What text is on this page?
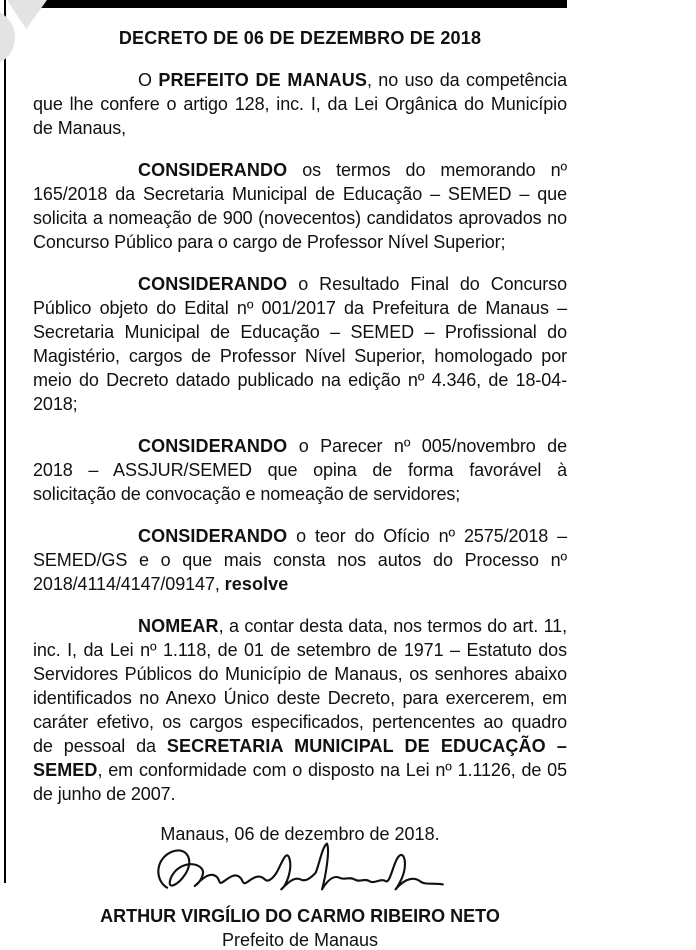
DECRETO DE 06 DE DEZEMBRO DE 2018

O PREFEITO DE MANAUS, no uso da competência que lhe confere o artigo 128, inc. I, da Lei Orgânica do Município de Manaus,

CONSIDERANDO os termos do memorando nº 165/2018 da Secretaria Municipal de Educação – SEMED – que solicita a nomeação de 900 (novecentos) candidatos aprovados no Concurso Público para o cargo de Professor Nível Superior;

CONSIDERANDO o Resultado Final do Concurso Público objeto do Edital nº 001/2017 da Prefeitura de Manaus – Secretaria Municipal de Educação – SEMED – Profissional do Magistério, cargos de Professor Nível Superior, homologado por meio do Decreto datado publicado na edição nº 4.346, de 18-04-2018;

CONSIDERANDO o Parecer nº 005/novembro de 2018 – ASSJUR/SEMED que opina de forma favorável à solicitação de convocação e nomeação de servidores;

CONSIDERANDO o teor do Ofício nº 2575/2018 – SEMED/GS e o que mais consta nos autos do Processo nº 2018/4114/4147/09147, resolve

NOMEAR, a contar desta data, nos termos do art. 11, inc. I, da Lei nº 1.118, de 01 de setembro de 1971 – Estatuto dos Servidores Públicos do Município de Manaus, os senhores abaixo identificados no Anexo Único deste Decreto, para exercerem, em caráter efetivo, os cargos especificados, pertencentes ao quadro de pessoal da SECRETARIA MUNICIPAL DE EDUCAÇÃO – SEMED, em conformidade com o disposto na Lei nº 1.1126, de 05 de junho de 2007.

Manaus, 06 de dezembro de 2018.

ARTHUR VIRGÍLIO DO CARMO RIBEIRO NETO

Prefeito de Manaus
